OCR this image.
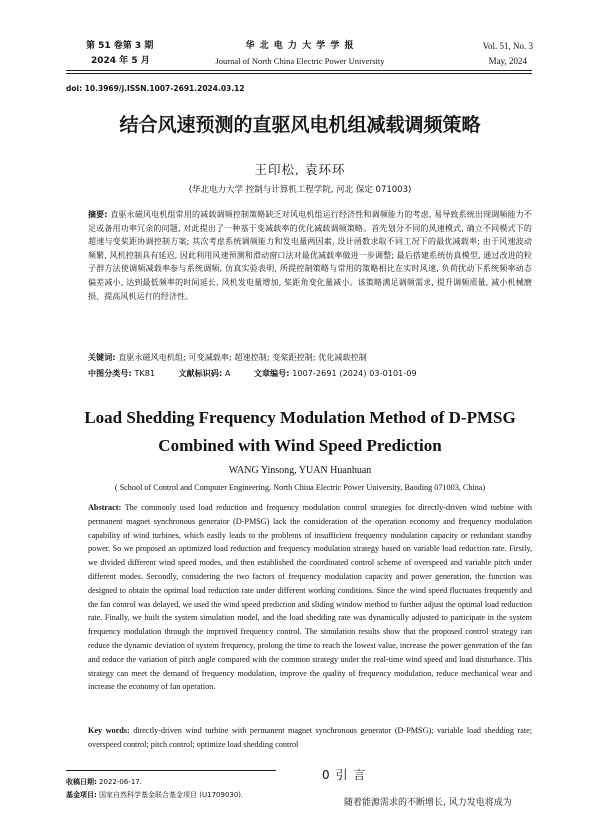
第 51 卷第 3 期
2024 年 5 月
华 北 电 力 大 学 学 报
Journal of North China Electric Power University
Vol. 51, No. 3
May, 2024
doi: 10.3969/j.ISSN.1007-2691.2024.03.12
结合风速预测的直驱风电机组减载调频策略
王印松, 袁环环
(华北电力大学 控制与计算机工程学院, 河北 保定 071003)
摘要: 直驱永磁风电机组常用的减载调频控制策略缺乏对风电机组运行经济性和调频能力的考虑, 易导致系统出现调频能力不足或备用功率冗余的问题, 对此提出了一种基于变减载率的优化减载调频策略。首先划分不同的风速模式, 确立不同模式下的超速与变桨距协调控制方案; 其次考虑系统调频能力和发电量两因素, 设计函数求取不同工况下的最优减载率; 由于风速波动频繁, 风机控制具有延迟, 因此利用风速预测和滑动窗口法对最优减载率做进一步调整; 最后搭建系统仿真模型, 通过改进的粒子群方法使调频减载率参与系统调频, 仿真实验表明, 所提控制策略与常用的策略相比在实时风速, 负荷扰动下系统频率动态偏差减小, 达到最低频率的时间延长, 风机发电量增加, 桨距角变化量减小。该策略满足调频需求, 提升调频质量, 减小机械磨损、提高风机运行的经济性。
关键词: 直驱永磁风电机组; 可变减载率; 超速控制; 变桨距控制; 优化减载控制
中图分类号: TK81	文献标识码: A	文章编号: 1007-2691 (2024) 03-0101-09
Load Shedding Frequency Modulation Method of D-PMSG
Combined with Wind Speed Prediction
WANG Yinsong, YUAN Huanhuan
( School of Control and Computer Engineering, North China Electric Power University, Baoding 071003, China)
Abstract: The commonly used load reduction and frequency modulation control strategies for directly-driven wind turbine with permanent magnet synchronous generator (D-PMSG) lack the consideration of the operation economy and frequency modulation capability of wind turbines, which easily leads to the problems of insufficient frequency modulation capacity or redundant standby power. So we proposed an optimized load reduction and frequency modulation strategy based on variable load reduction rate. Firstly, we divided different wind speed modes, and then established the coordinated control scheme of overspeed and variable pitch under different modes. Secondly, considering the two factors of frequency modulation capacity and power generation, the function was designed to obtain the optimal load reduction rate under different working conditions. Since the wind speed fluctuates frequently and the fan control was delayed, we used the wind speed prediction and sliding window method to further adjust the optimal load reduction rate. Finally, we built the system simulation model, and the load shedding rate was dynamically adjusted to participate in the system frequency modulation through the improved frequency control. The simulation results show that the proposed control strategy can reduce the dynamic deviation of system frequency, prolong the time to reach the lowest value, increase the power generation of the fan and reduce the variation of pitch angle compared with the common strategy under the real-time wind speed and load disturbance. This strategy can meet the demand of frequency modulation, improve the quality of frequency modulation, reduce mechanical wear and increase the economy of fan operation.
Key words: directly-driven wind turbine with permanent magnet synchronous generator (D-PMSG); variable load shedding rate; overspeed control; pitch control; optimize load shedding control
收稿日期: 2022-06-17.
基金项目: 国家自然科学基金联合基金项目 (U1709030).
0 引 言
随着能源需求的不断增长, 风力发电将成为
